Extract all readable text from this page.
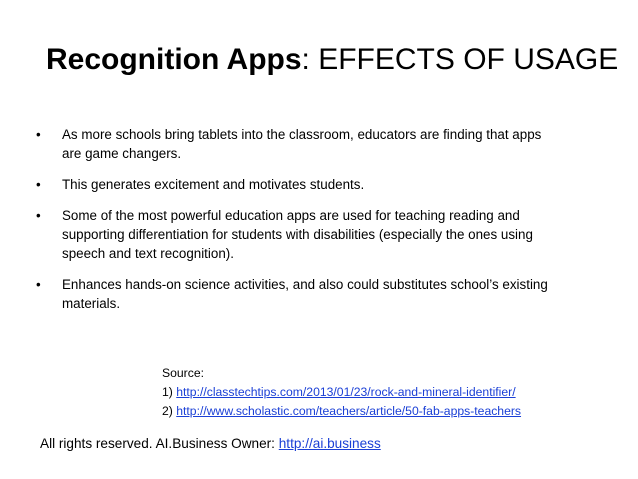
Recognition Apps: EFFECTS OF USAGE
• As more schools bring tablets into the classroom, educators are finding that apps
are game changers.
• This generates excitement and motivates students.
• Some of the most powerful education apps are used for teaching reading and
supporting differentiation for students with disabilities (especially the ones using
speech and text recognition).
• Enhances hands-on science activities, and also could substitutes school’s existing
materials.
Source:
1) http://classtechtips.com/2013/01/23/rock-and-mineral-identifier/
2) http://www.scholastic.com/teachers/article/50-fab-apps-teachers
All rights reserved. AI.Business Owner: http://ai.business
